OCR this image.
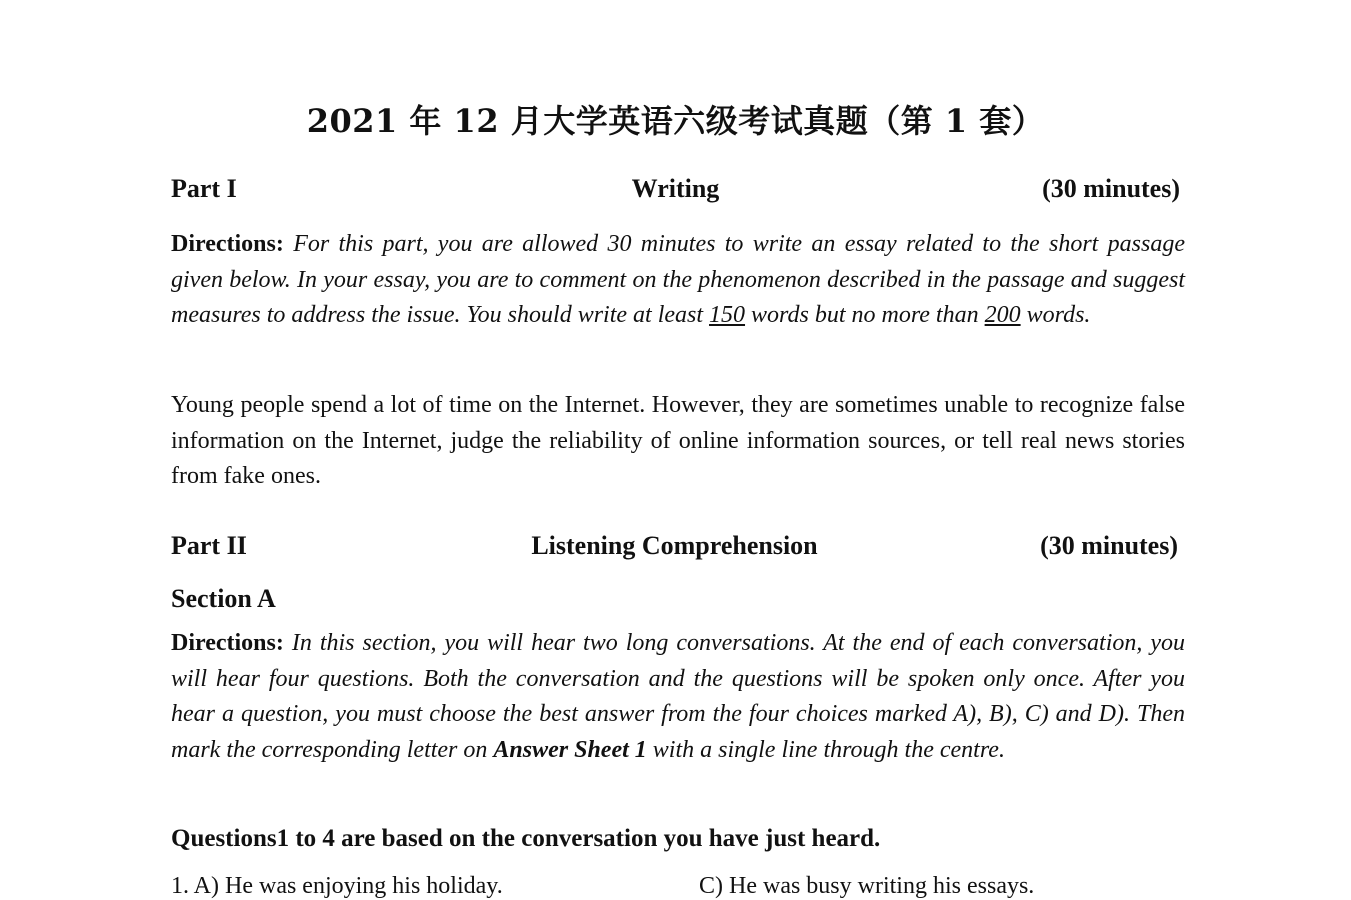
2021 年 12 月大学英语六级考试真题（第 1 套）
Writing
Part I	(30 minutes)
Directions: For this part, you are allowed 30 minutes to write an essay related to the short passage given below. In your essay, you are to comment on the phenomenon described in the passage and suggest measures to address the issue. You should write at least 150 words but no more than 200 words.
Young people spend a lot of time on the Internet. However, they are sometimes unable to recognize false information on the Internet, judge the reliability of online information sources, or tell real news stories from fake ones.
Listening Comprehension
Part II	(30 minutes)
Section A
Directions: In this section, you will hear two long conversations. At the end of each conversation, you will hear four questions. Both the conversation and the questions will be spoken only once. After you hear a question, you must choose the best answer from the four choices marked A), B), C) and D). Then mark the corresponding letter on Answer Sheet 1 with a single line through the centre.
Questions1 to 4 are based on the conversation you have just heard.
1. A) He was enjoying his holiday.	C) He was busy writing his essays.
